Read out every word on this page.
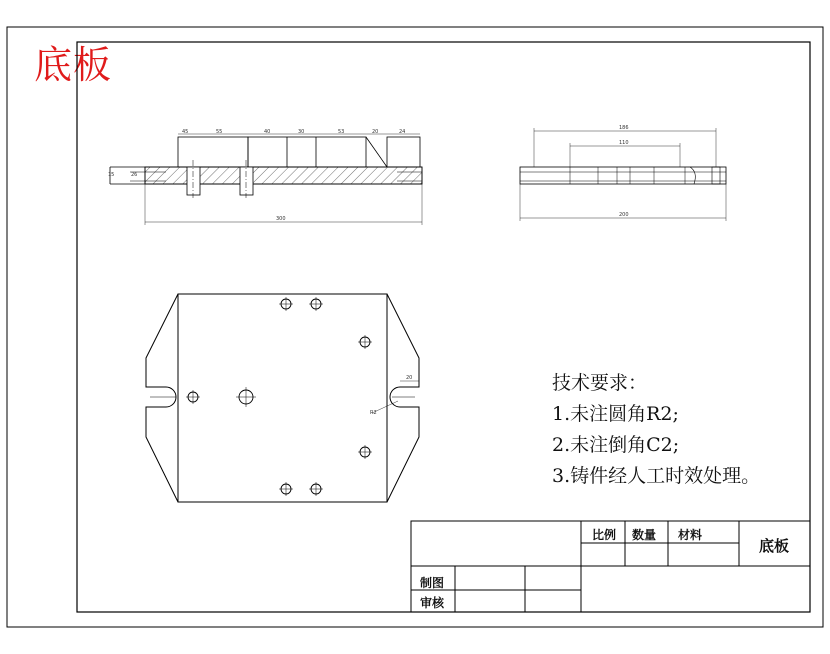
底板
45	55	40	30	53	20	24
15	26
300
186
110
200
20
R2
技术要求：
1.未注圆角R2;
2.未注倒角C2;
3.铸件经人工时效处理。
比例 数量 材料
底板
制图
审核
